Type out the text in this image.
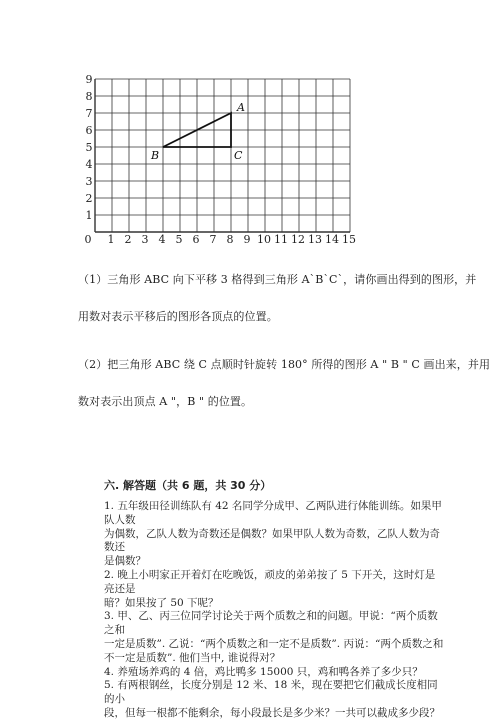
0 1 2 3 4 5 6 7 8 9 10 11 12 13 14 15
1
2
3
4
5
6
7
8
9
A
B	C

（1）三角形 ABC 向下平移 3 格得到三角形 A`B`C`，请你画出得到的图形，并

用数对表示平移后的图形各顶点的位置。

（2）把三角形 ABC 绕 C 点顺时针旋转 180° 所得的图形 A " B " C 画出来，并用

数对表示出顶点 A "，B " 的位置。

六. 解答题（共 6 题，共 30 分）

1. 五年级田径训练队有 42 名同学分成甲、乙两队进行体能训练。如果甲队人数
为偶数，乙队人数为奇数还是偶数？如果甲队人数为奇数，乙队人数为奇数还
是偶数？
2. 晚上小明家正开着灯在吃晚饭，顽皮的弟弟按了 5 下开关，这时灯是亮还是
暗？如果按了 50 下呢？
3. 甲、乙、丙三位同学讨论关于两个质数之和的问题。甲说：“两个质数之和
一定是质数”. 乙说：“两个质数之和一定不是质数”. 丙说：“两个质数之和
不一定是质数”. 他们当中, 谁说得对？
4. 养殖场养鸡的 4 倍，鸡比鸭多 15000 只，鸡和鸭各养了多少只？
5. 有两根钢丝，长度分别是 12 米、18 米，现在要把它们截成长度相同的小
段，但每一根都不能剩余，每小段最长是多少米？一共可以截成多少段？
